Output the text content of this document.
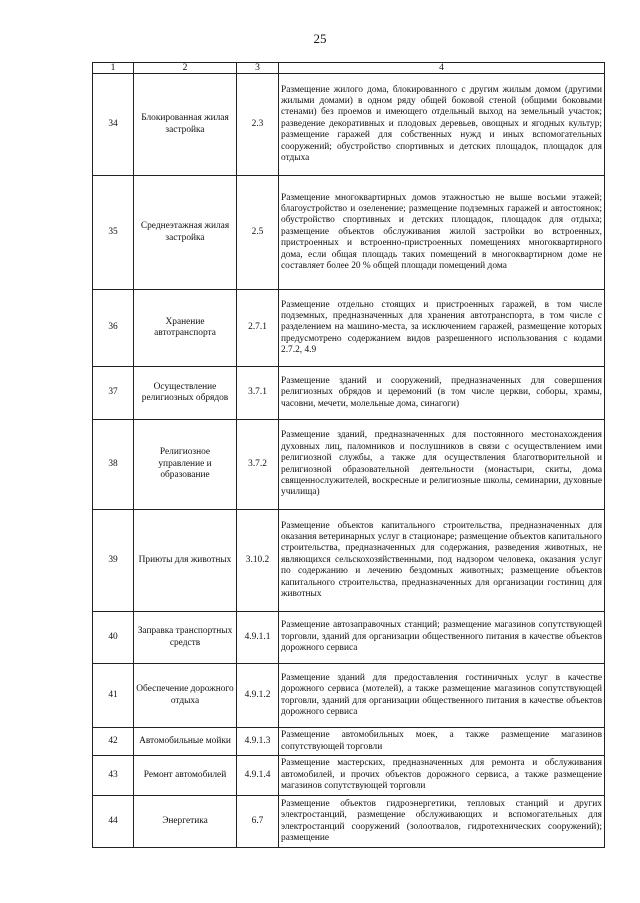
25
1	2	3	4
34	Блокированная жилая застройка	2.3	Размещение жилого дома, блокированного с другим жилым домом (другими жилыми домами) в одном ряду общей боковой стеной (общими боковыми стенами) без проемов и имеющего отдельный выход на земельный участок; разведение декоративных и плодовых деревьев, овощных и ягодных культур; размещение гаражей для собственных нужд и иных вспомогательных сооружений; обустройство спортивных и детских площадок, площадок для отдыха
35	Среднеэтажная жилая застройка	2.5	Размещение многоквартирных домов этажностью не выше восьми этажей; благоустройство и озеленение; размещение подземных гаражей и автостоянок; обустройство спортивных и детских площадок, площадок для отдыха; размещение объектов обслуживания жилой застройки во встроенных, пристроенных и встроенно-пристроенных помещениях многоквартирного дома, если общая площадь таких помещений в многоквартирном доме не составляет более 20 % общей площади помещений дома
36	Хранение автотранспорта	2.7.1	Размещение отдельно стоящих и пристроенных гаражей, в том числе подземных, предназначенных для хранения автотранспорта, в том числе с разделением на машино-места, за исключением гаражей, размещение которых предусмотрено содержанием видов разрешенного использования с кодами 2.7.2, 4.9
37	Осуществление религиозных обрядов	3.7.1	Размещение зданий и сооружений, предназначенных для совершения религиозных обрядов и церемоний (в том числе церкви, соборы, храмы, часовни, мечети, молельные дома, синагоги)
38	Религиозное управление и образование	3.7.2	Размещение зданий, предназначенных для постоянного местонахождения духовных лиц, паломников и послушников в связи с осуществлением ими религиозной службы, а также для осуществления благотворительной и религиозной образовательной деятельности (монастыри, скиты, дома священнослужителей, воскресные и религиозные школы, семинарии, духовные училища)
39	Приюты для животных	3.10.2	Размещение объектов капитального строительства, предназначенных для оказания ветеринарных услуг в стационаре; размещение объектов капитального строительства, предназначенных для содержания, разведения животных, не являющихся сельскохозяйственными, под надзором человека, оказания услуг по содержанию и лечению бездомных животных; размещение объектов капитального строительства, предназначенных для организации гостиниц для животных
40	Заправка транспортных средств	4.9.1.1	Размещение автозаправочных станций; размещение магазинов сопутствующей торговли, зданий для организации общественного питания в качестве объектов дорожного сервиса
41	Обеспечение дорожного отдыха	4.9.1.2	Размещение зданий для предоставления гостиничных услуг в качестве дорожного сервиса (мотелей), а также размещение магазинов сопутствующей торговли, зданий для организации общественного питания в качестве объектов дорожного сервиса
42	Автомобильные мойки	4.9.1.3	Размещение автомобильных моек, а также размещение магазинов сопутствующей торговли
43	Ремонт автомобилей	4.9.1.4	Размещение мастерских, предназначенных для ремонта и обслуживания автомобилей, и прочих объектов дорожного сервиса, а также размещение магазинов сопутствующей торговли
44	Энергетика	6.7	Размещение объектов гидроэнергетики, тепловых станций и других электростанций, размещение обслуживающих и вспомогательных для электростанций сооружений (золоотвалов, гидротехнических сооружений); размещение
